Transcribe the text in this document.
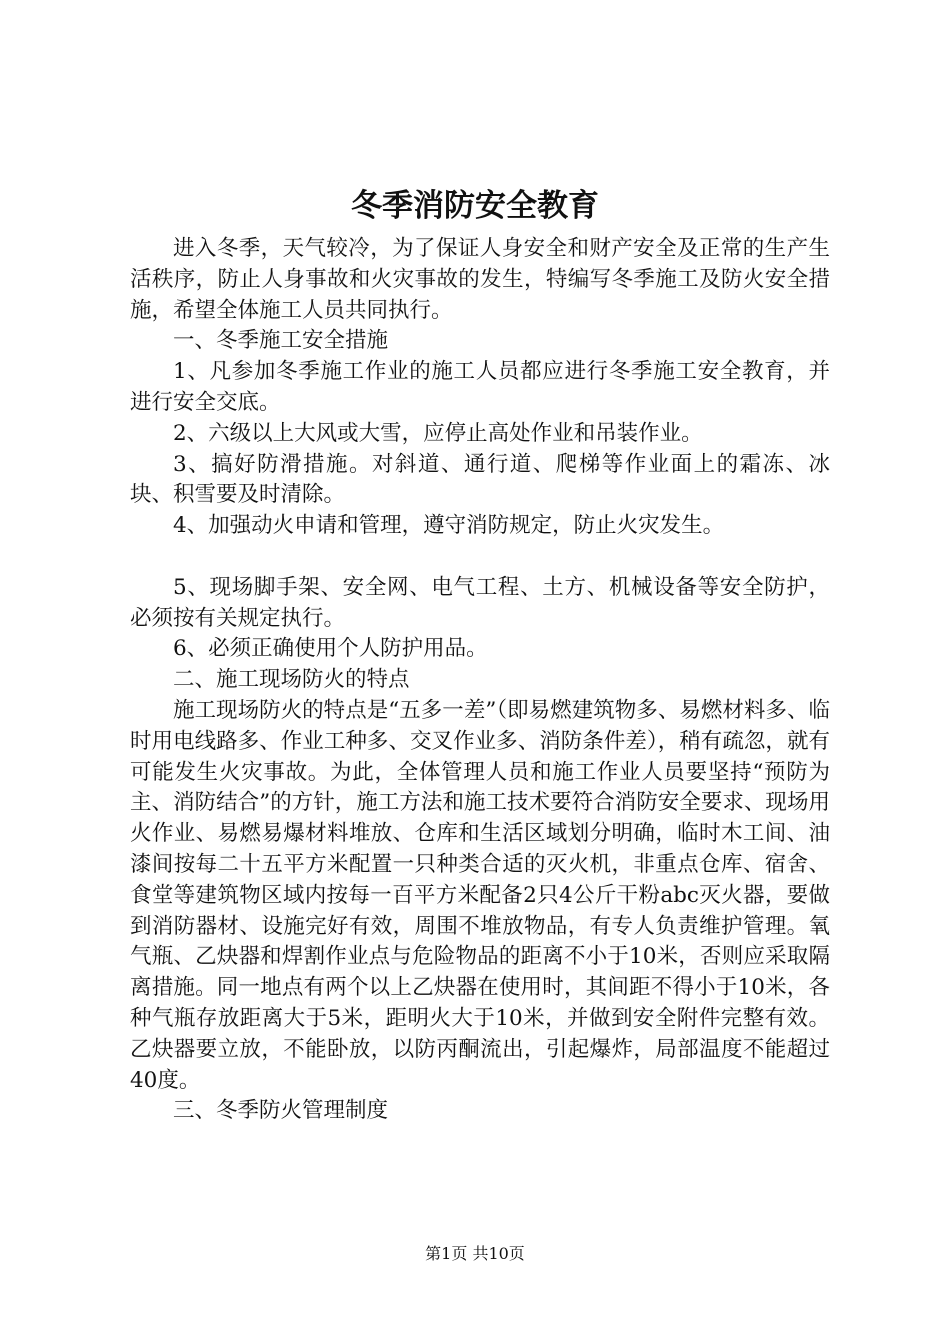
冬季消防安全教育

进入冬季，天气较冷，为了保证人身安全和财产安全及正常的生产生活秩序，防止人身事故和火灾事故的发生，特编写冬季施工及防火安全措施，希望全体施工人员共同执行。

一、冬季施工安全措施

1、凡参加冬季施工作业的施工人员都应进行冬季施工安全教育，并进行安全交底。

2、六级以上大风或大雪，应停止高处作业和吊装作业。

3、搞好防滑措施。对斜道、通行道、爬梯等作业面上的霜冻、冰块、积雪要及时清除。

4、加强动火申请和管理，遵守消防规定，防止火灾发生。

5、现场脚手架、安全网、电气工程、土方、机械设备等安全防护，必须按有关规定执行。

6、必须正确使用个人防护用品。

二、施工现场防火的特点

施工现场防火的特点是“五多一差”（即易燃建筑物多、易燃材料多、临时用电线路多、作业工种多、交叉作业多、消防条件差），稍有疏忽，就有可能发生火灾事故。为此，全体管理人员和施工作业人员要坚持“预防为主、消防结合”的方针，施工方法和施工技术要符合消防安全要求、现场用火作业、易燃易爆材料堆放、仓库和生活区域划分明确，临时木工间、油漆间按每二十五平方米配置一只种类合适的灭火机，非重点仓库、宿舍、食堂等建筑物区域内按每一百平方米配备2只4公斤干粉abc灭火器，要做到消防器材、设施完好有效，周围不堆放物品，有专人负责维护管理。氧气瓶、乙炔器和焊割作业点与危险物品的距离不小于10米，否则应采取隔离措施。同一地点有两个以上乙炔器在使用时，其间距不得小于10米，各种气瓶存放距离大于5米，距明火大于10米，并做到安全附件完整有效。乙炔器要立放，不能卧放，以防丙酮流出，引起爆炸，局部温度不能超过40度。

三、冬季防火管理制度

第1页 共10页
